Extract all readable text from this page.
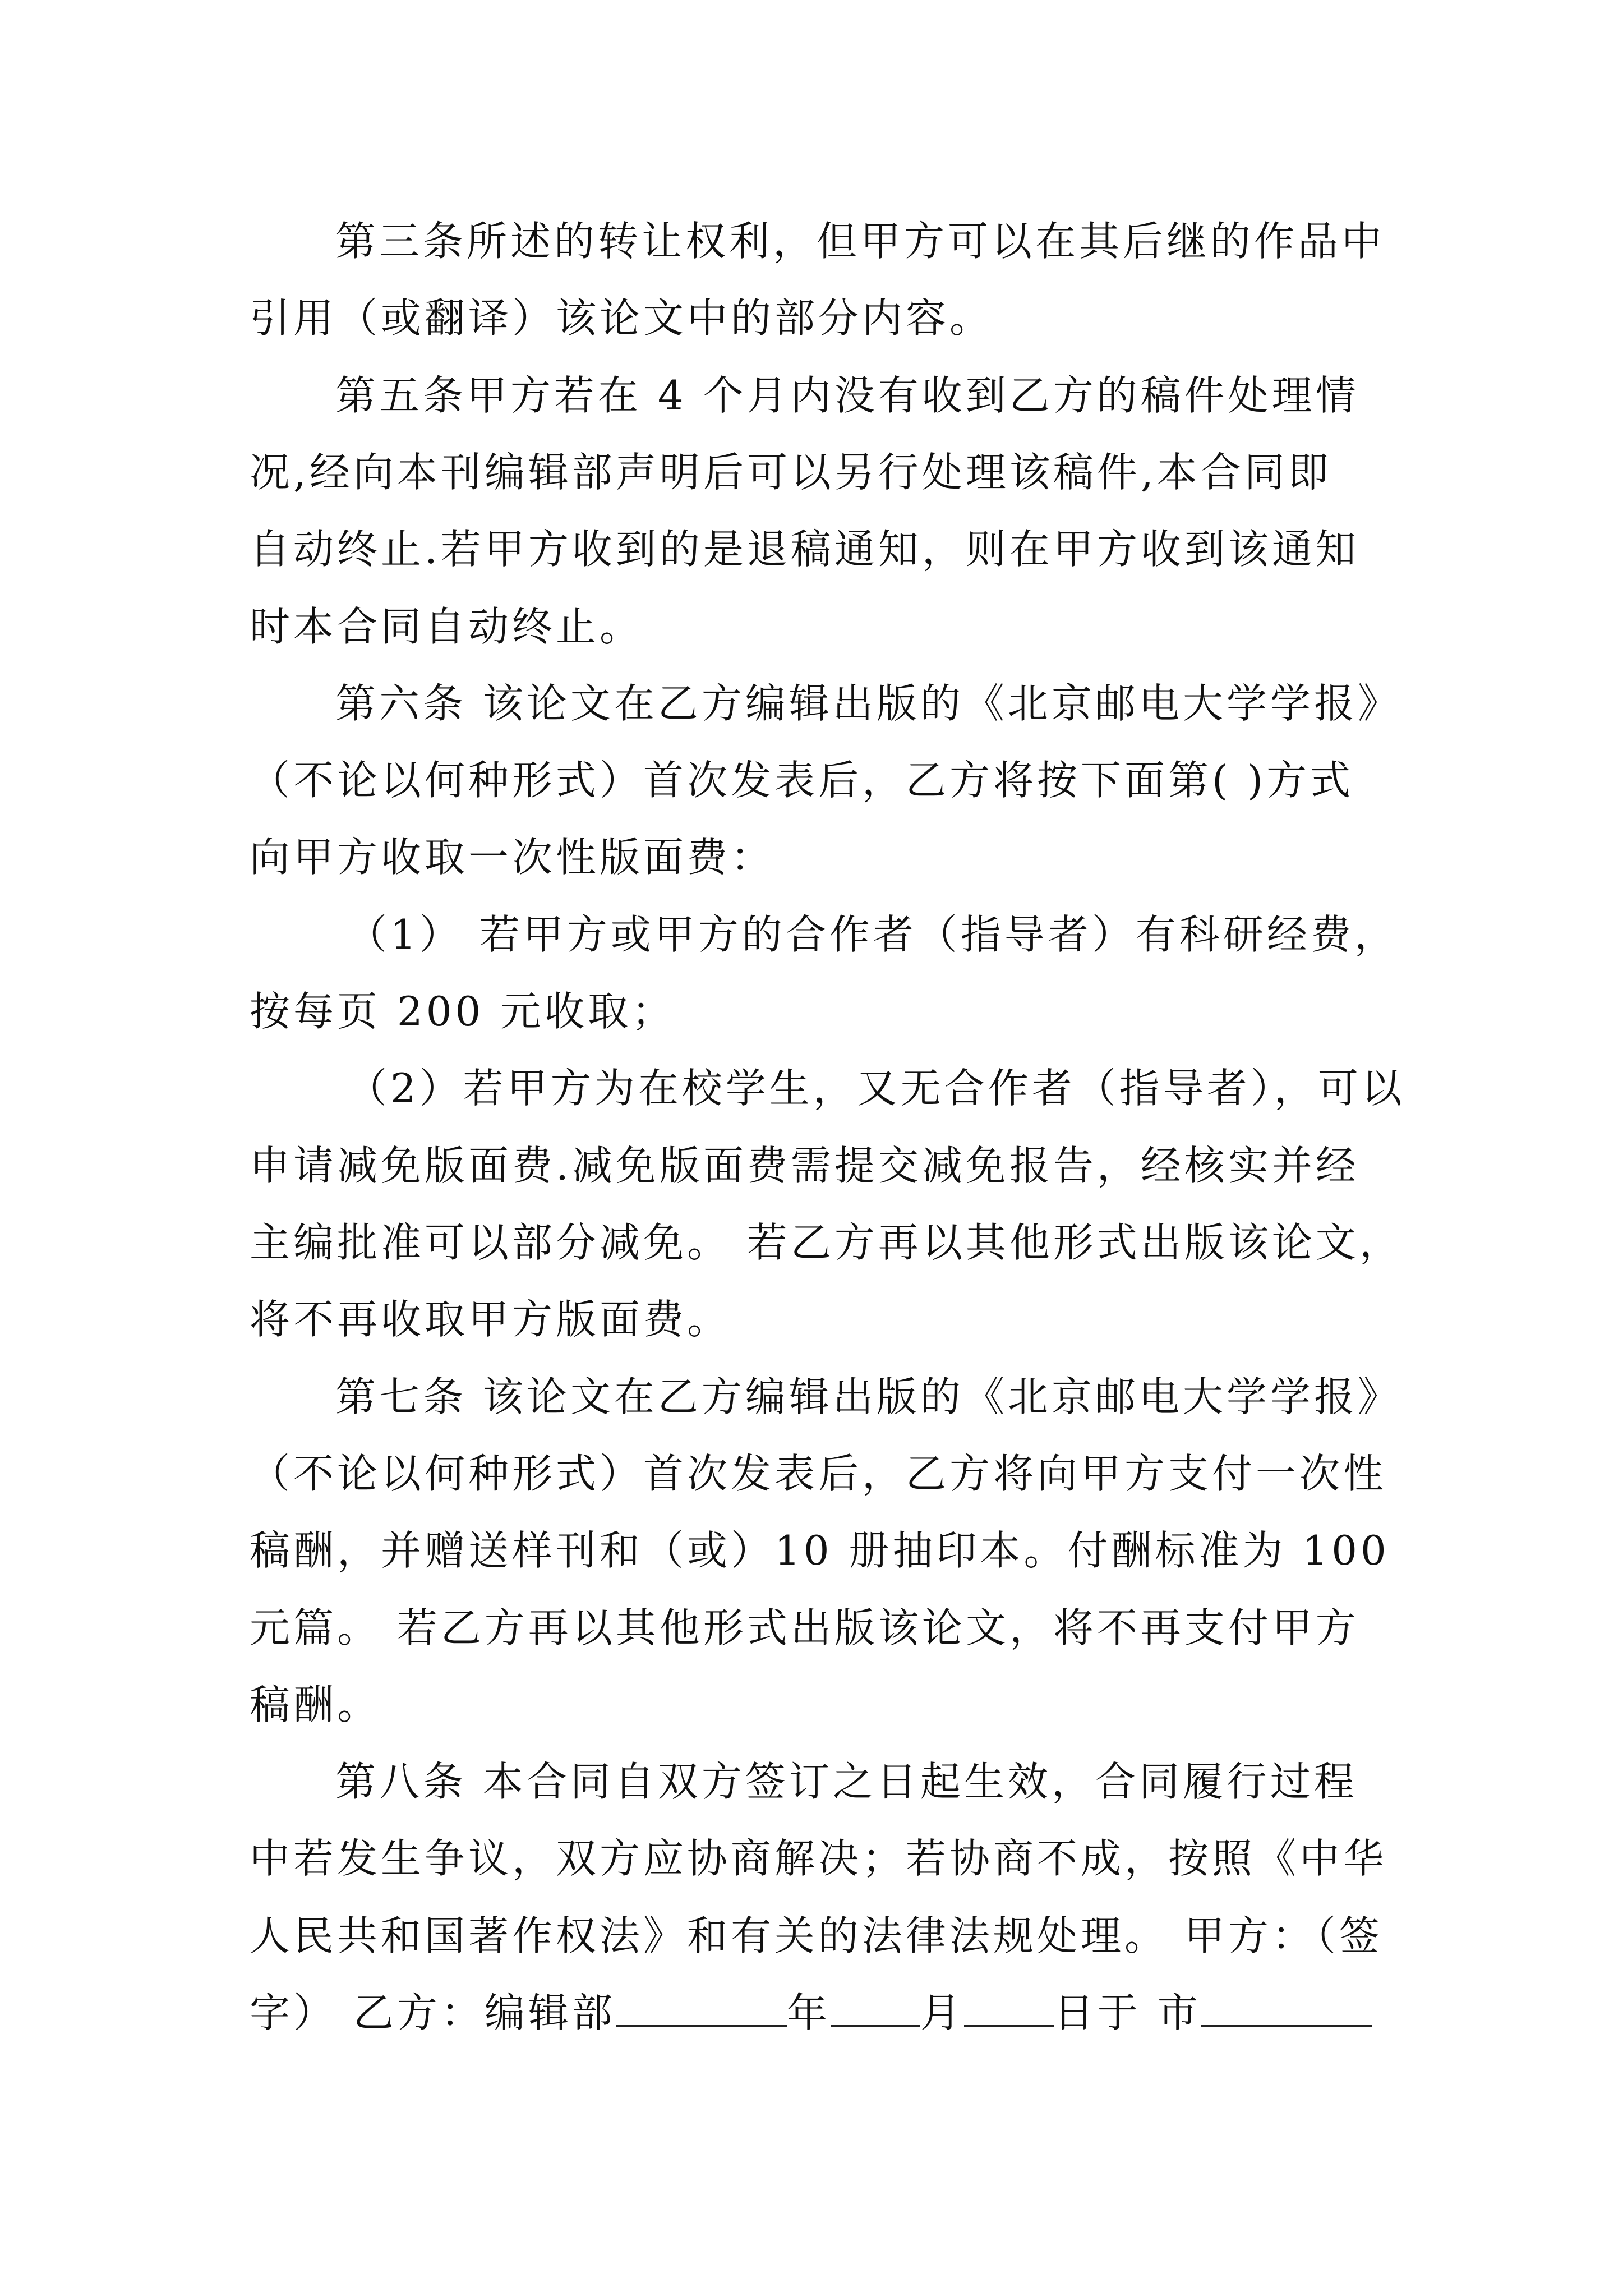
第三条所述的转让权利，但甲方可以在其后继的作品中
引用（或翻译）该论文中的部分内容。
第五条甲方若在 4 个月内没有收到乙方的稿件处理情
况,经向本刊编辑部声明后可以另行处理该稿件,本合同即
自动终止.若甲方收到的是退稿通知，则在甲方收到该通知
时本合同自动终止。
第六条 该论文在乙方编辑出版的《北京邮电大学学报》
（不论以何种形式）首次发表后，乙方将按下面第( )方式
向甲方收取一次性版面费：
（1） 若甲方或甲方的合作者（指导者）有科研经费，
按每页 200 元收取；
（2）若甲方为在校学生，又无合作者（指导者），可以
申请减免版面费.减免版面费需提交减免报告，经核实并经
主编批准可以部分减免。 若乙方再以其他形式出版该论文，
将不再收取甲方版面费。
第七条 该论文在乙方编辑出版的《北京邮电大学学报》
（不论以何种形式）首次发表后，乙方将向甲方支付一次性
稿酬，并赠送样刊和（或）10 册抽印本。付酬标准为 100
元篇。 若乙方再以其他形式出版该论文，将不再支付甲方
稿酬。
第八条 本合同自双方签订之日起生效，合同履行过程
中若发生争议，双方应协商解决；若协商不成，按照《中华
人民共和国著作权法》和有关的法律法规处理。 甲方：（签
字） 乙方：编辑部	年 月 日于 市
